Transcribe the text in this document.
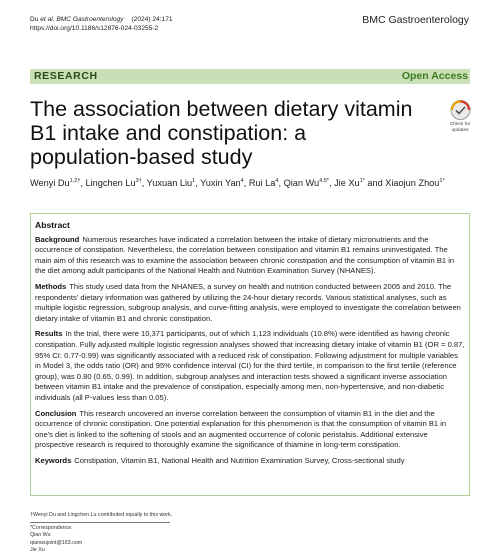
Du et al. BMC Gastroenterology (2024) 24:171
https://doi.org/10.1186/s12876-024-03255-2
BMC Gastroenterology
RESEARCH	Open Access
The association between dietary vitamin B1 intake and constipation: a population-based study
Check for
updates
Wenyi $Du^{1,2\dagger}$, Lingchen $Lu^{3\dagger}$, Yuxuan Liu$^1$, Yuxin Yan$^4$, Rui La$^4$, Qian $Wu^{4,5*}$, Jie $Xu^{1*}$ and Xiaojun Zhou$^{1*}$
Abstract
Background Numerous researches have indicated a correlation between the intake of dietary micronutrients and the occurrence of constipation. Nevertheless, the correlation between constipation and vitamin B1 remains uninvestigated. The main aim of this research was to examine the association between chronic constipation and the consumption of vitamin B1 in the diet among adult participants of the National Health and Nutrition Examination Survey (NHANES).
Methods This study used data from the NHANES, a survey on health and nutrition conducted between 2005 and 2010. The respondents' dietary information was gathered by utilizing the 24-hour dietary records. Various statistical analyses, such as multiple logistic regression, subgroup analysis, and curve-fitting analysis, were employed to investigate the correlation between dietary intake of vitamin B1 and chronic constipation.
Results In the trial, there were 10,371 participants, out of which 1,123 individuals (10.8%) were identified as having chronic constipation. Fully adjusted multiple logistic regression analyses showed that increasing dietary intake of vitamin B1 (OR = 0.87, 95% CI: 0.77-0.99) was significantly associated with a reduced risk of constipation. Following adjustment for multiple variables in Model 3, the odds ratio (OR) and 95% confidence interval (CI) for the third tertile, in comparison to the first tertile (reference group), was 0.80 (0.65, 0.99). In addition, subgroup analyses and interaction tests showed a significant inverse association between vitamin B1 intake and the prevalence of constipation, especially among men, non-hypertensive, and non-diabetic individuals (all P-values less than 0.05).
Conclusion This research uncovered an inverse correlation between the consumption of vitamin B1 in the diet and the occurrence of chronic constipation. One potential explanation for this phenomenon is that the consumption of vitamin B1 in one's diet is linked to the softening of stools and an augmented occurrence of colonic peristalsis. Additional extensive prospective research is required to thoroughly examine the significance of thiamine in long-term constipation.
Keywords Constipation, Vitamin B1, National Health and Nutrition Examination Survey, Cross-sectional study
†Wenyi Du and Lingchen Lu contributed equally to this work.
*Correspondence:
Qian Wu
qianwujoint@163.com
Jie Xu
